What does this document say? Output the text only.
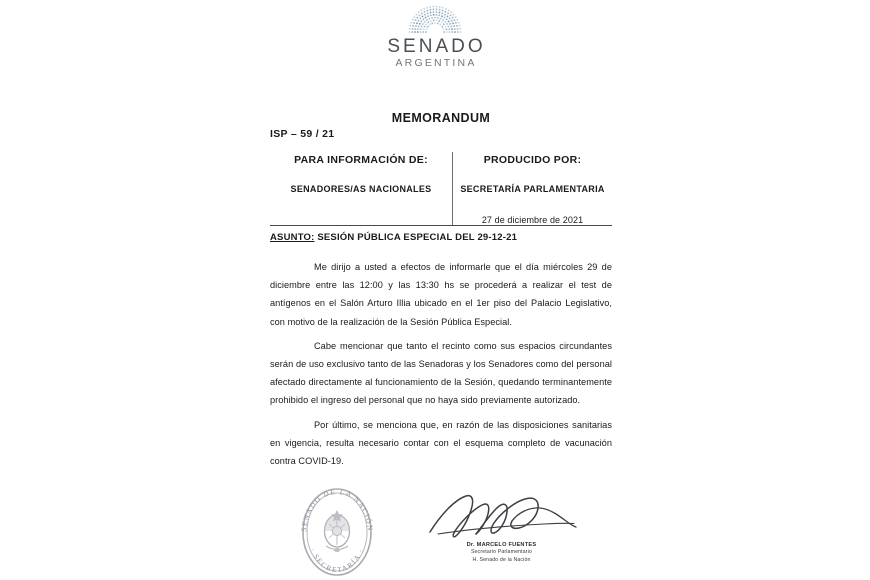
SENADO
ARGENTINA
MEMORANDUM
ISP – 59 / 21
PARA INFORMACIÓN DE:
SENADORES/AS NACIONALES
PRODUCIDO POR:
SECRETARÍA PARLAMENTARIA
27 de diciembre de 2021
ASUNTO: SESIÓN PÚBLICA ESPECIAL DEL 29-12-21

Me dirijo a usted a efectos de informarle que el día miércoles 29 de diciembre entre las 12:00 y las 13:30 hs se procederá a realizar el test de antígenos en el Salón Arturo Illia ubicado en el 1er piso del Palacio Legislativo, con motivo de la realización de la Sesión Pública Especial.

Cabe mencionar que tanto el recinto como sus espacios circundantes serán de uso exclusivo tanto de las Senadoras y los Senadores como del personal afectado directamente al funcionamiento de la Sesión, quedando terminantemente prohibido el ingreso del personal que no haya sido previamente autorizado.

Por último, se menciona que, en razón de las disposiciones sanitarias en vigencia, resulta necesario contar con el esquema completo de vacunación contra COVID-19.

SENADO DE LA NACIÓN
· SECRETARÍA ·
Dr. MARCELO FUENTES
Secretario Parlamentario
H. Senado de la Nación
